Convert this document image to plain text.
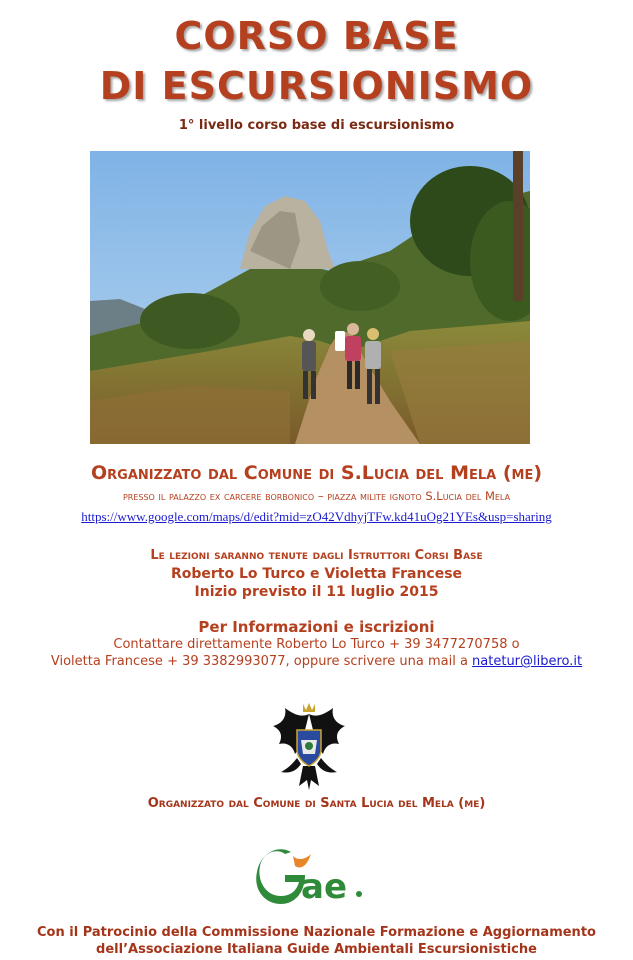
CORSO BASE
DI ESCURSIONISMO
1° livello corso base di escursionismo
Organizzato dal Comune di S.Lucia del Mela (me)
presso il palazzo ex carcere borbonico – piazza milite ignoto S.Lucia del Mela
https://www.google.com/maps/d/edit?mid=zO42VdhyjTFw.kd41uOg21YEs&usp=sharing
Le lezioni saranno tenute dagli Istruttori Corsi Base
Roberto Lo Turco e Violetta Francese
Inizio previsto il 11 luglio 2015
Per Informazioni e iscrizioni
Contattare direttamente Roberto Lo Turco + 39 3477270758 o
Violetta Francese + 39 3382993077, oppure scrivere una mail a natetur@libero.it
Organizzato dal Comune di Santa Lucia del Mela (me)
ae
Con il Patrocinio della Commissione Nazionale Formazione e Aggiornamento
dell’Associazione Italiana Guide Ambientali Escursionistiche
